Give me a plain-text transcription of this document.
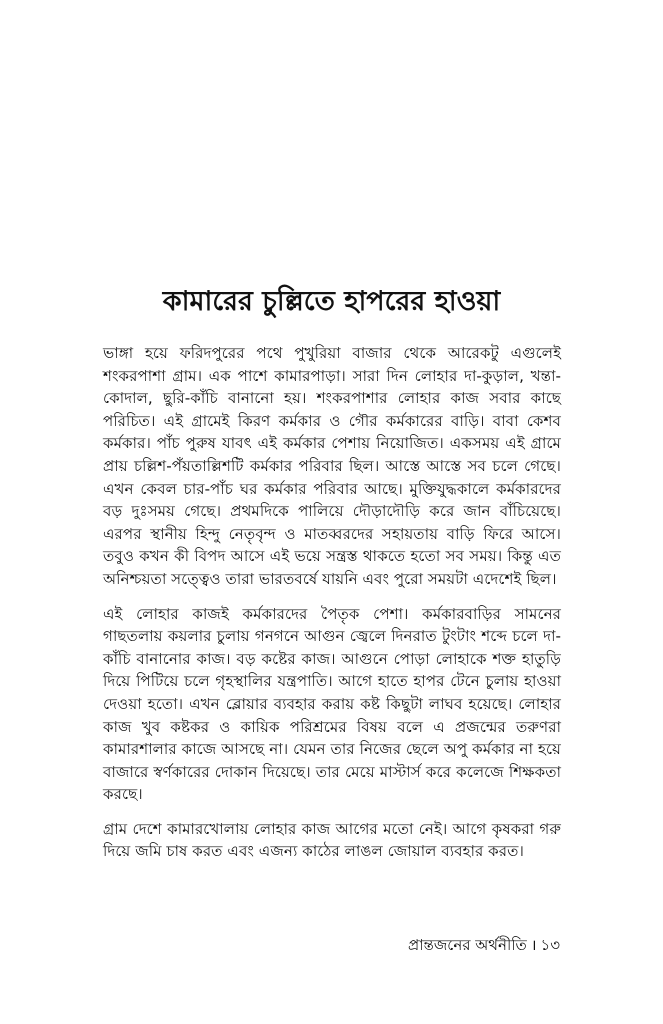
কামারের চুল্লিতে হাপরের হাওয়া

ভাঙ্গা হয়ে ফরিদপুরের পথে পুখুরিয়া বাজার থেকে আরেকটু এগুলেই শংকরপাশা গ্রাম। এক পাশে কামারপাড়া। সারা দিন লোহার দা-কুড়াল, খন্তা-কোদাল, ছুরি-কাঁচি বানানো হয়। শংকরপাশার লোহার কাজ সবার কাছে পরিচিত। এই গ্রামেই কিরণ কর্মকার ও গৌর কর্মকারের বাড়ি। বাবা কেশব কর্মকার। পাঁচ পুরুষ যাবৎ এই কর্মকার পেশায় নিয়োজিত। একসময় এই গ্রামে প্রায় চল্লিশ-পঁয়তাল্লিশটি কর্মকার পরিবার ছিল। আস্তে আস্তে সব চলে গেছে। এখন কেবল চার-পাঁচ ঘর কর্মকার পরিবার আছে। মুক্তিযুদ্ধকালে কর্মকারদের বড় দুঃসময় গেছে। প্রথমদিকে পালিয়ে দৌড়াদৌড়ি করে জান বাঁচিয়েছে। এরপর স্থানীয় হিন্দু নেতৃবৃন্দ ও মাতব্বরদের সহায়তায় বাড়ি ফিরে আসে। তবুও কখন কী বিপদ আসে এই ভয়ে সন্ত্রস্ত থাকতে হতো সব সময়। কিন্তু এত অনিশ্চয়তা সত্ত্বেও তারা ভারতবর্ষে যায়নি এবং পুরো সময়টা এদেশেই ছিল।

এই লোহার কাজই কর্মকারদের পৈতৃক পেশা। কর্মকারবাড়ির সামনের গাছতলায় কয়লার চুলায় গনগনে আগুন জ্বেলে দিনরাত টুংটাং শব্দে চলে দা-কাঁচি বানানোর কাজ। বড় কষ্টের কাজ। আগুনে পোড়া লোহাকে শক্ত হাতুড়ি দিয়ে পিটিয়ে চলে গৃহস্থালির যন্ত্রপাতি। আগে হাতে হাপর টেনে চুলায় হাওয়া দেওয়া হতো। এখন ব্লোয়ার ব্যবহার করায় কষ্ট কিছুটা লাঘব হয়েছে। লোহার কাজ খুব কষ্টকর ও কায়িক পরিশ্রমের বিষয় বলে এ প্রজন্মের তরুণরা কামারশালার কাজে আসছে না। যেমন তার নিজের ছেলে অপু কর্মকার না হয়ে বাজারে স্বর্ণকারের দোকান দিয়েছে। তার মেয়ে মাস্টার্স করে কলেজে শিক্ষকতা করছে।

গ্রাম দেশে কামারখোলায় লোহার কাজ আগের মতো নেই। আগে কৃষকরা গরু দিয়ে জমি চাষ করত এবং এজন্য কাঠের লাঙল জোয়াল ব্যবহার করত।

প্রান্তজনের অর্থনীতি । ১৩
